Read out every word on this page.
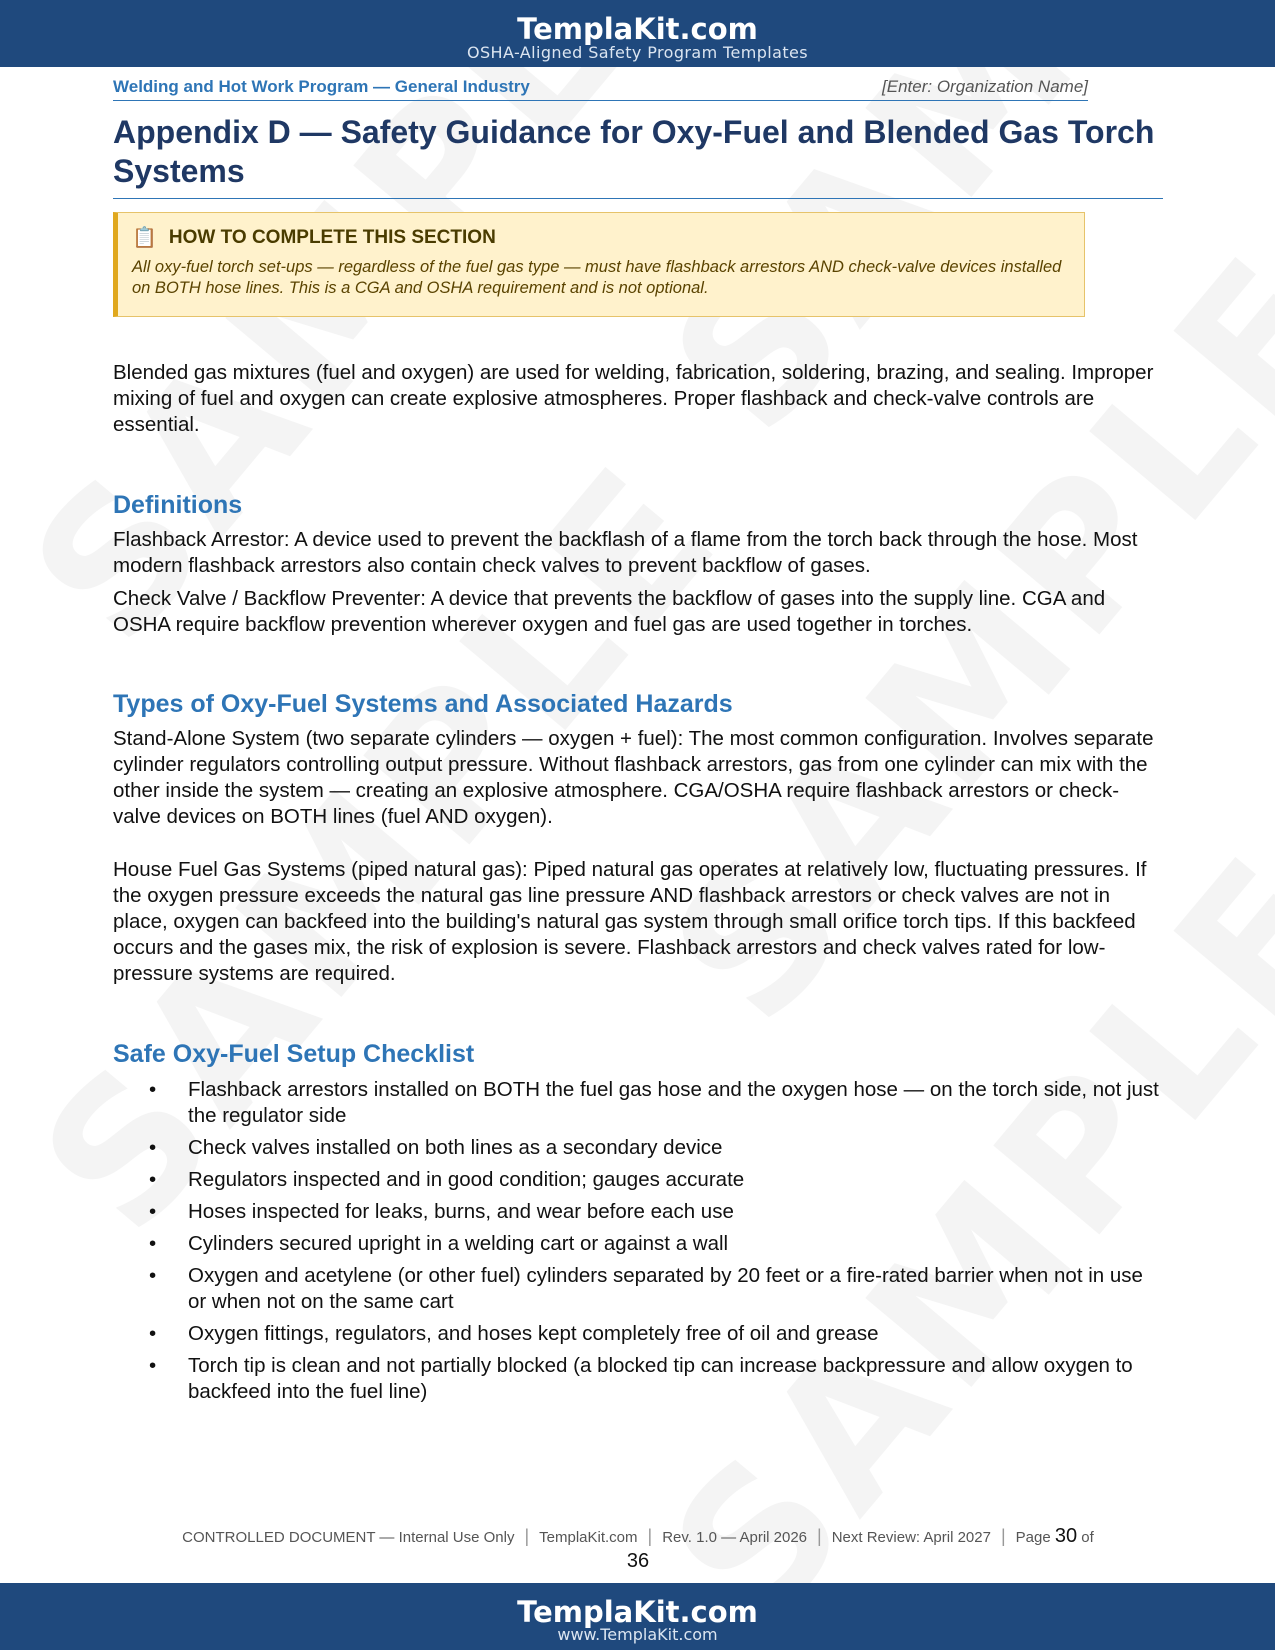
TemplaKit.com
OSHA-Aligned Safety Program Templates
Welding and Hot Work Program — General Industry	[Enter: Organization Name]
Appendix D — Safety Guidance for Oxy-Fuel and Blended Gas Torch Systems
📋 HOW TO COMPLETE THIS SECTION
All oxy-fuel torch set-ups — regardless of the fuel gas type — must have flashback arrestors AND check-valve devices installed on BOTH hose lines. This is a CGA and OSHA requirement and is not optional.

Blended gas mixtures (fuel and oxygen) are used for welding, fabrication, soldering, brazing, and sealing. Improper mixing of fuel and oxygen can create explosive atmospheres. Proper flashback and check-valve controls are essential.

Definitions

Flashback Arrestor: A device used to prevent the backflash of a flame from the torch back through the hose. Most modern flashback arrestors also contain check valves to prevent backflow of gases.

Check Valve / Backflow Preventer: A device that prevents the backflow of gases into the supply line. CGA and OSHA require backflow prevention wherever oxygen and fuel gas are used together in torches.

Types of Oxy-Fuel Systems and Associated Hazards

Stand-Alone System (two separate cylinders — oxygen + fuel): The most common configuration. Involves separate cylinder regulators controlling output pressure. Without flashback arrestors, gas from one cylinder can mix with the other inside the system — creating an explosive atmosphere. CGA/OSHA require flashback arrestors or check-valve devices on BOTH lines (fuel AND oxygen).

House Fuel Gas Systems (piped natural gas): Piped natural gas operates at relatively low, fluctuating pressures. If the oxygen pressure exceeds the natural gas line pressure AND flashback arrestors or check valves are not in place, oxygen can backfeed into the building's natural gas system through small orifice torch tips. If this backfeed occurs and the gases mix, the risk of explosion is severe. Flashback arrestors and check valves rated for low-pressure systems are required.

Safe Oxy-Fuel Setup Checklist
• Flashback arrestors installed on BOTH the fuel gas hose and the oxygen hose — on the torch side, not just the regulator side
• Check valves installed on both lines as a secondary device
• Regulators inspected and in good condition; gauges accurate
• Hoses inspected for leaks, burns, and wear before each use
• Cylinders secured upright in a welding cart or against a wall
• Oxygen and acetylene (or other fuel) cylinders separated by 20 feet or a fire-rated barrier when not in use or when not on the same cart
• Oxygen fittings, regulators, and hoses kept completely free of oil and grease
• Torch tip is clean and not partially blocked (a blocked tip can increase backpressure and allow oxygen to backfeed into the fuel line)
CONTROLLED DOCUMENT — Internal Use Only | TemplaKit.com | Rev. 1.0 — April 2026 | Next Review: April 2027 | Page 30 of
36
TemplaKit.com
www.TemplaKit.com
